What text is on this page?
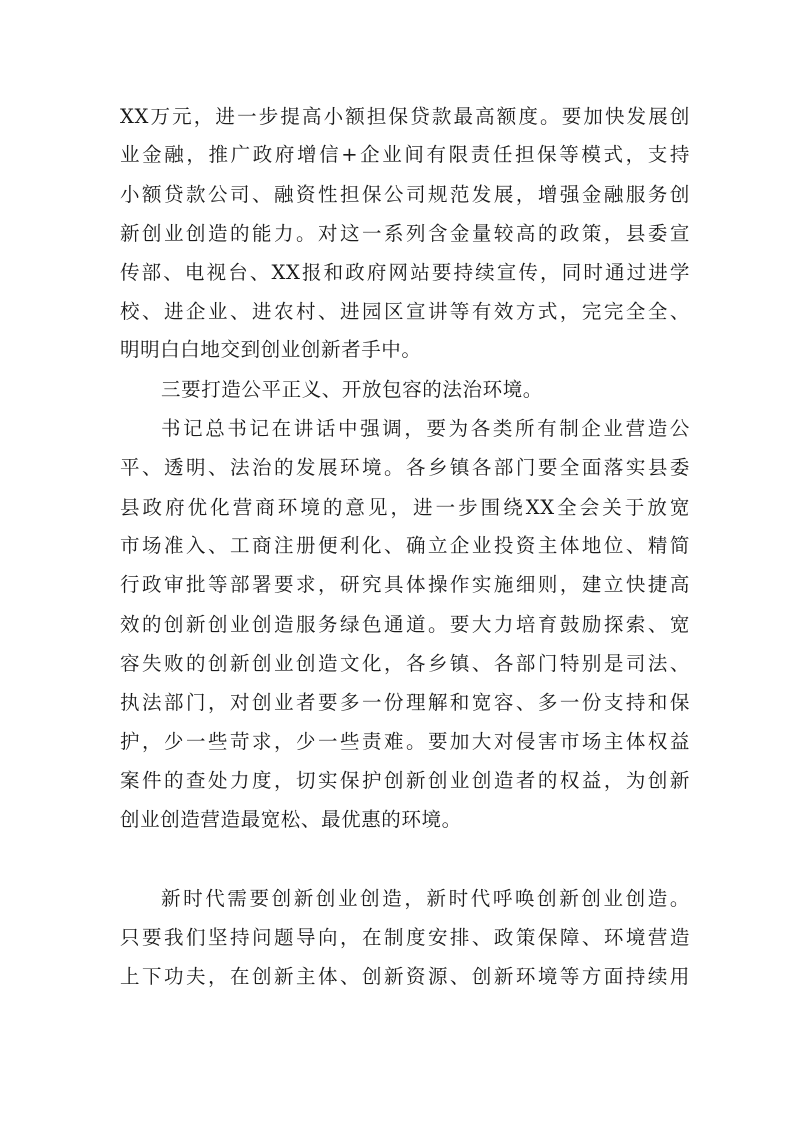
XX万元，进一步提高小额担保贷款最高额度。要加快发展创
业金融，推广政府增信+企业间有限责任担保等模式，支持
小额贷款公司、融资性担保公司规范发展，增强金融服务创
新创业创造的能力。对这一系列含金量较高的政策，县委宣
传部、电视台、XX报和政府网站要持续宣传，同时通过进学
校、进企业、进农村、进园区宣讲等有效方式，完完全全、
明明白白地交到创业创新者手中。
三要打造公平正义、开放包容的法治环境。
书记总书记在讲话中强调，要为各类所有制企业营造公
平、透明、法治的发展环境。各乡镇各部门要全面落实县委
县政府优化营商环境的意见，进一步围绕XX全会关于放宽
市场准入、工商注册便利化、确立企业投资主体地位、精简
行政审批等部署要求，研究具体操作实施细则，建立快捷高
效的创新创业创造服务绿色通道。要大力培育鼓励探索、宽
容失败的创新创业创造文化，各乡镇、各部门特别是司法、
执法部门，对创业者要多一份理解和宽容、多一份支持和保
护，少一些苛求，少一些责难。要加大对侵害市场主体权益
案件的查处力度，切实保护创新创业创造者的权益，为创新
创业创造营造最宽松、最优惠的环境。
新时代需要创新创业创造，新时代呼唤创新创业创造。
只要我们坚持问题导向，在制度安排、政策保障、环境营造
上下功夫，在创新主体、创新资源、创新环境等方面持续用
